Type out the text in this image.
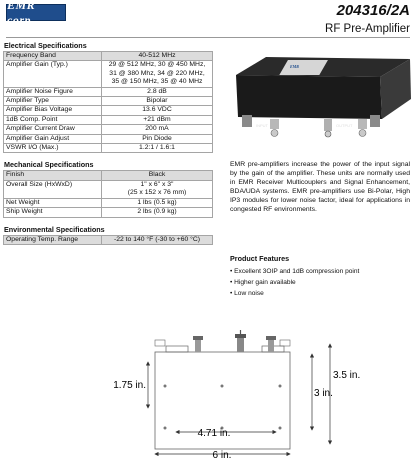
EMR corp.
204316/2A
RF Pre-Amplifier
Electrical Specifications
Frequency Band	40-512 MHz
Amplifier Gain (Typ.)	29 @ 512 MHz, 30 @ 450 MHz,
31 @ 380 Mhz, 34 @ 220 MHz,
35 @ 150 MHz, 35 @ 40 MHz

Amplifier Noise Figure	2.8 dB
Amplifier Type	Bipolar
Amplifier Bias Voltage	13.6 VDC
1dB Comp. Point	+21 dBm
Amplifier Current Draw	200 mA
Amplifier Gain Adjust	Pin Diode
VSWR I/O (Max.)	1.2:1 / 1.6:1
Mechanical Specifications
Finish	Black
Overall Size (HxWxD)	1" x 6" x 3"
(25 x 152 x 76 mm)

Net Weight	1 lbs (0.5 kg)
Ship Weight	2 lbs (0.9 kg)
Environmental Specifications
Operating Temp. Range	-22 to 140 °F (-30 to +60 °C)
EMR
INPUT	OUTPUT

EMR pre-amplifiers increase the power of the input signal by the gain of the amplifier. These units are normally used in EMR Receiver Multicouplers and Signal Enhancement, BDA/UDA systems. EMR pre-amplifiers use Bi-Polar, High IP3 modules for lower noise factor, ideal for applications in congested RF environments.

Product Features
• Excellent 3OIP and 1dB compression point
• Higher gain available
• Low noise
1.75 in.
3 in.
3.5 in.
4.71 in.
6 in.
